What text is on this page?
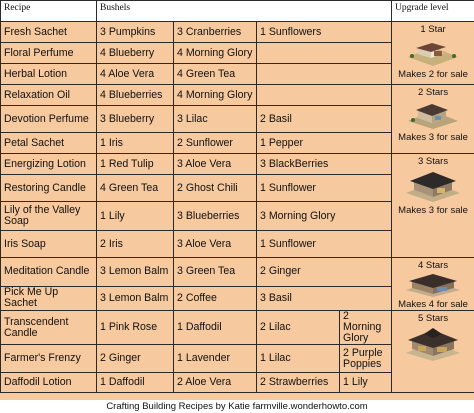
Recipe	Bushels				Upgrade level
Fresh Sachet	3 Pumpkins	3 Cranberries	1 Sunflowers		1 Star
Makes 2 for sale

Floral Perfume	4 Blueberry	4 Morning Glory			
Herbal Lotion	4 Aloe Vera	4 Green Tea			
Relaxation Oil	4 Blueberries	4 Morning Glory			2 Stars
Makes 3 for sale

Devotion Perfume	3 Blueberry	3 Lilac	2 Basil		
Petal Sachet	1 Iris	2 Sunflower	1 Pepper		
Energizing Lotion	1 Red Tulip	3 Aloe Vera	3 BlackBerries		3 Stars
Makes 3 for sale

Restoring Candle	4 Green Tea	2 Ghost Chili	1 Sunflower		
Lily of the Valley Soap	1 Lily	3 Blueberries	3 Morning Glory		
Iris Soap	2 Iris	3 Aloe Vera	1 Sunflower		
Meditation Candle	3 Lemon Balm	3 Green Tea	2 Ginger		4 Stars
Makes 4 for sale

Pick Me Up Sachet	3 Lemon Balm	2 Coffee	3 Basil		
Transcendent Candle	1 Pink Rose	1 Daffodil	2 Lilac	2 Morning Glory	5 Stars

Farmer's Frenzy	2 Ginger	1 Lavender	1 Lilac	2 Purple Poppies	
Daffodil Lotion	1 Daffodil	2 Aloe Vera	2 Strawberries	1 Lily	
Crafting Building Recipes by Katie farmville.wonderhowto.com
